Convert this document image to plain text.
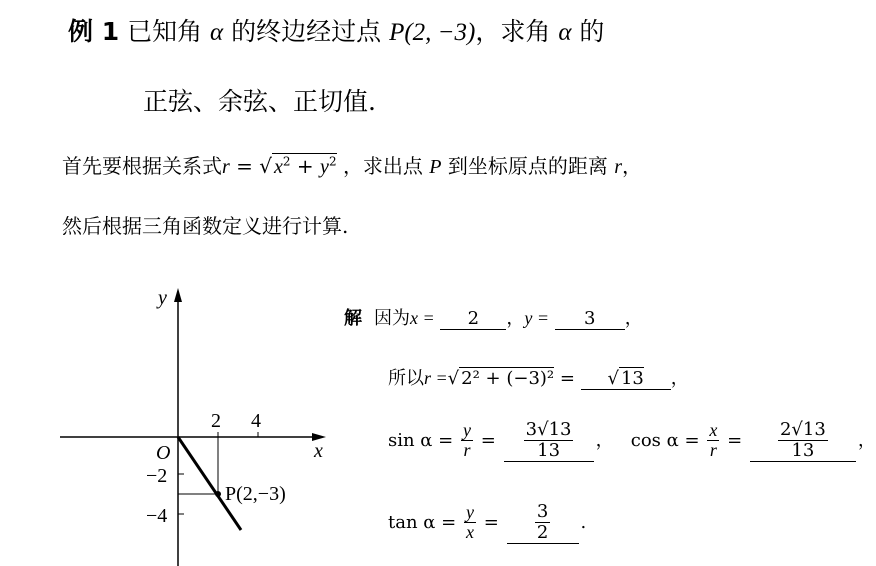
例 1 已知角 α 的终边经过点 P(2, −3)，求角 α 的
正弦、余弦、正切值.
首先要根据关系式r = √ $x^2 + y^2$ ，求出点 P 到坐标原点的距离 r，
然后根据三角函数定义进行计算.
y
x
O
2 4
−2
−4
P(2,−3)
解 因为x = 2 ，y = 3 ，
所以r =√ 2² + (−3)² = √ 13 ，
$\sin \alpha = \frac{y}{r} = \frac{3√13}{13}$ ， $\cos \alpha = \frac{x}{r} = \frac{2√13}{13}$ ，
$\tan \alpha = \frac{y}{x} = \frac{3}{2}$ .
